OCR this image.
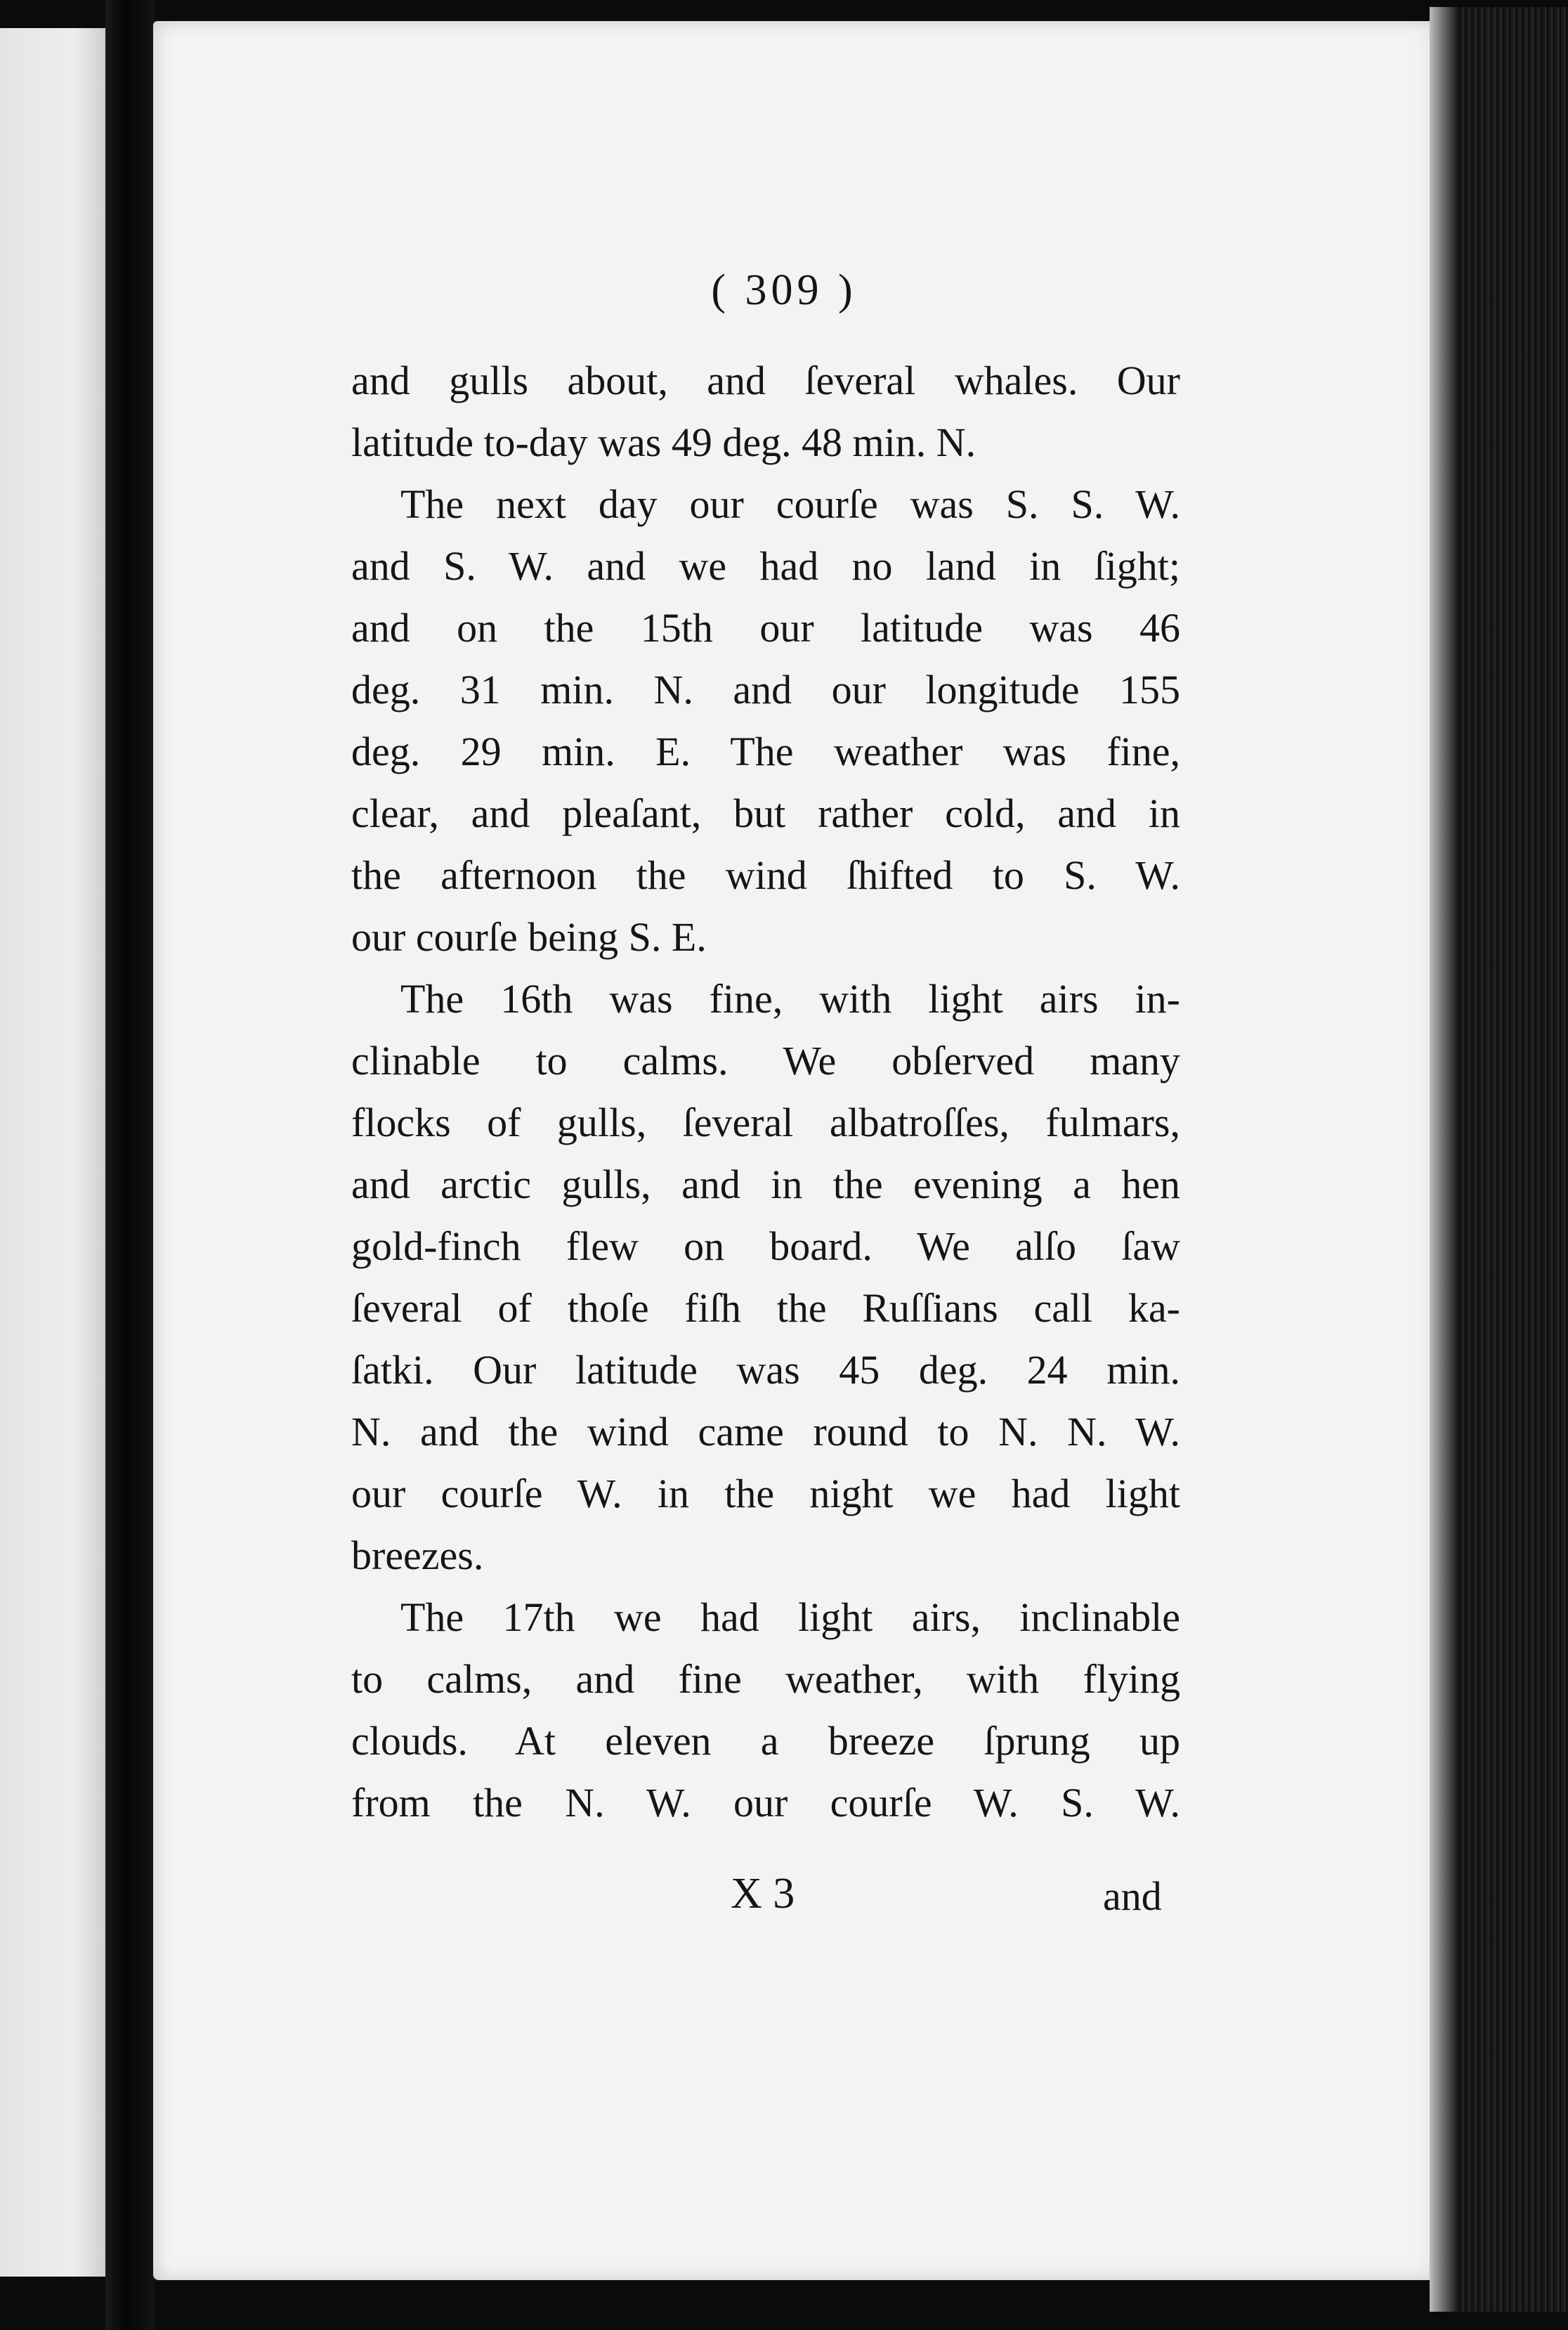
( 309 )
and gulls about, and ſeveral whales. Our
latitude to-day was 49 deg. 48 min. N.
The next day our courſe was S. S. W.
and S. W. and we had no land in ſight;
and on the 15th our latitude was 46
deg. 31 min. N. and our longitude 155
deg. 29 min. E. The weather was fine,
clear, and pleaſant, but rather cold, and in
the afternoon the wind ſhifted to S. W.
our courſe being S. E.
The 16th was fine, with light airs in-
clinable to calms. We obſerved many
flocks of gulls, ſeveral albatroſſes, fulmars,
and arctic gulls, and in the evening a hen
gold-finch flew on board. We alſo ſaw
ſeveral of thoſe fiſh the Ruſſians call ka-
ſatki. Our latitude was 45 deg. 24 min.
N. and the wind came round to N. N. W.
our courſe W. in the night we had light
breezes.
The 17th we had light airs, inclinable
to calms, and fine weather, with flying
clouds. At eleven a breeze ſprung up
from the N. W. our courſe W. S. W.
X 3	and
